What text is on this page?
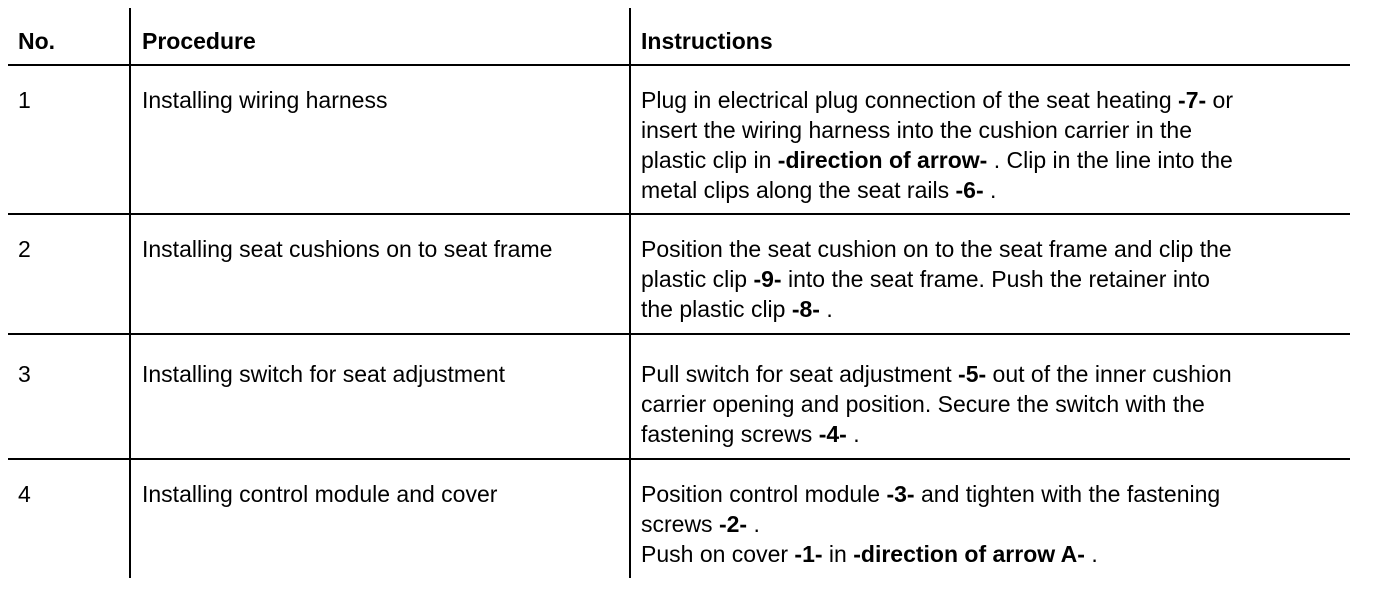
No.	Procedure	Instructions
1	Installing wiring harness	Plug in electrical plug connection of the seat heating -7- or
insert the wiring harness into the cushion carrier in the
plastic clip in -direction of arrow- . Clip in the line into the
metal clips along the seat rails -6- .
2	Installing seat cushions on to seat frame	Position the seat cushion on to the seat frame and clip the
plastic clip -9- into the seat frame. Push the retainer into
the plastic clip -8- .
3	Installing switch for seat adjustment	Pull switch for seat adjustment -5- out of the inner cushion
carrier opening and position. Secure the switch with the
fastening screws -4- .
4	Installing control module and cover	Position control module -3- and tighten with the fastening
screws -2- .
Push on cover -1- in -direction of arrow A- .
